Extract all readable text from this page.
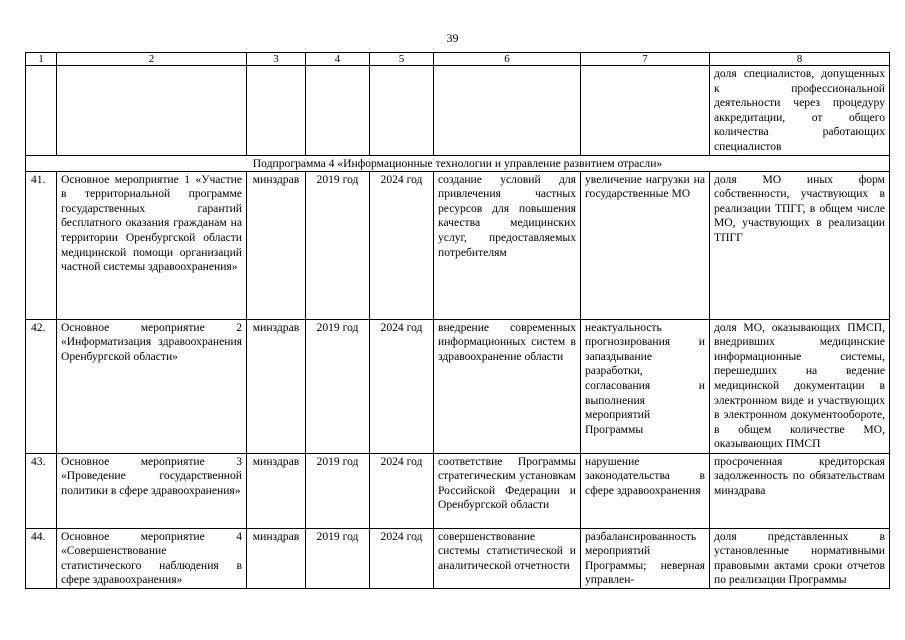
39
1	2	3	4	5	6	7	8
							доля специалистов, допущенных к профессиональной деятельности через процедуру аккредитации, от общего количества работающих специалистов
Подпрограмма 4 «Информационные технологии и управление развитием отрасли»							
41.	Основное мероприятие 1 «Участие в территориальной программе государственных гарантий бесплатного оказания гражданам на территории Оренбургской области медицинской помощи организаций частной системы здравоохранения»	минздрав	2019 год	2024 год	создание условий для привлечения частных ресурсов для повышения качества медицинских услуг, предоставляемых потребителям	увеличение нагрузки на государственные МО	доля МО иных форм собственности, участвующих в реализации ТПГГ, в общем числе МО, участвующих в реализации ТПГГ
42.	Основное мероприятие 2 «Информатизация здравоохранения Оренбургской области»	минздрав	2019 год	2024 год	внедрение современных информационных систем в здравоохранение области	неактуальность прогнозирования и запаздывание разработки, согласования и выполнения мероприятий Программы	доля МО, оказывающих ПМСП, внедривших медицинские информационные системы, перешедших на ведение медицинской документации в электронном виде и участвующих в электронном документообороте, в общем количестве МО, оказывающих ПМСП
43.	Основное мероприятие 3 «Проведение государственной политики в сфере здравоохранения»	минздрав	2019 год	2024 год	соответствие Программы стратегическим установкам Российской Федерации и Оренбургской области	нарушение законодательства в сфере здравоохранения	просроченная кредиторская задолженность по обязательствам минздрава
44.	Основное мероприятие 4 «Совершенствование статистического наблюдения в сфере здравоохранения»	минздрав	2019 год	2024 год	совершенствование системы статистической и аналитической отчетности	разбалансированность мероприятий Программы; неверная управлен-	доля представленных в установленные нормативными правовыми актами сроки отчетов по реализации Программы
